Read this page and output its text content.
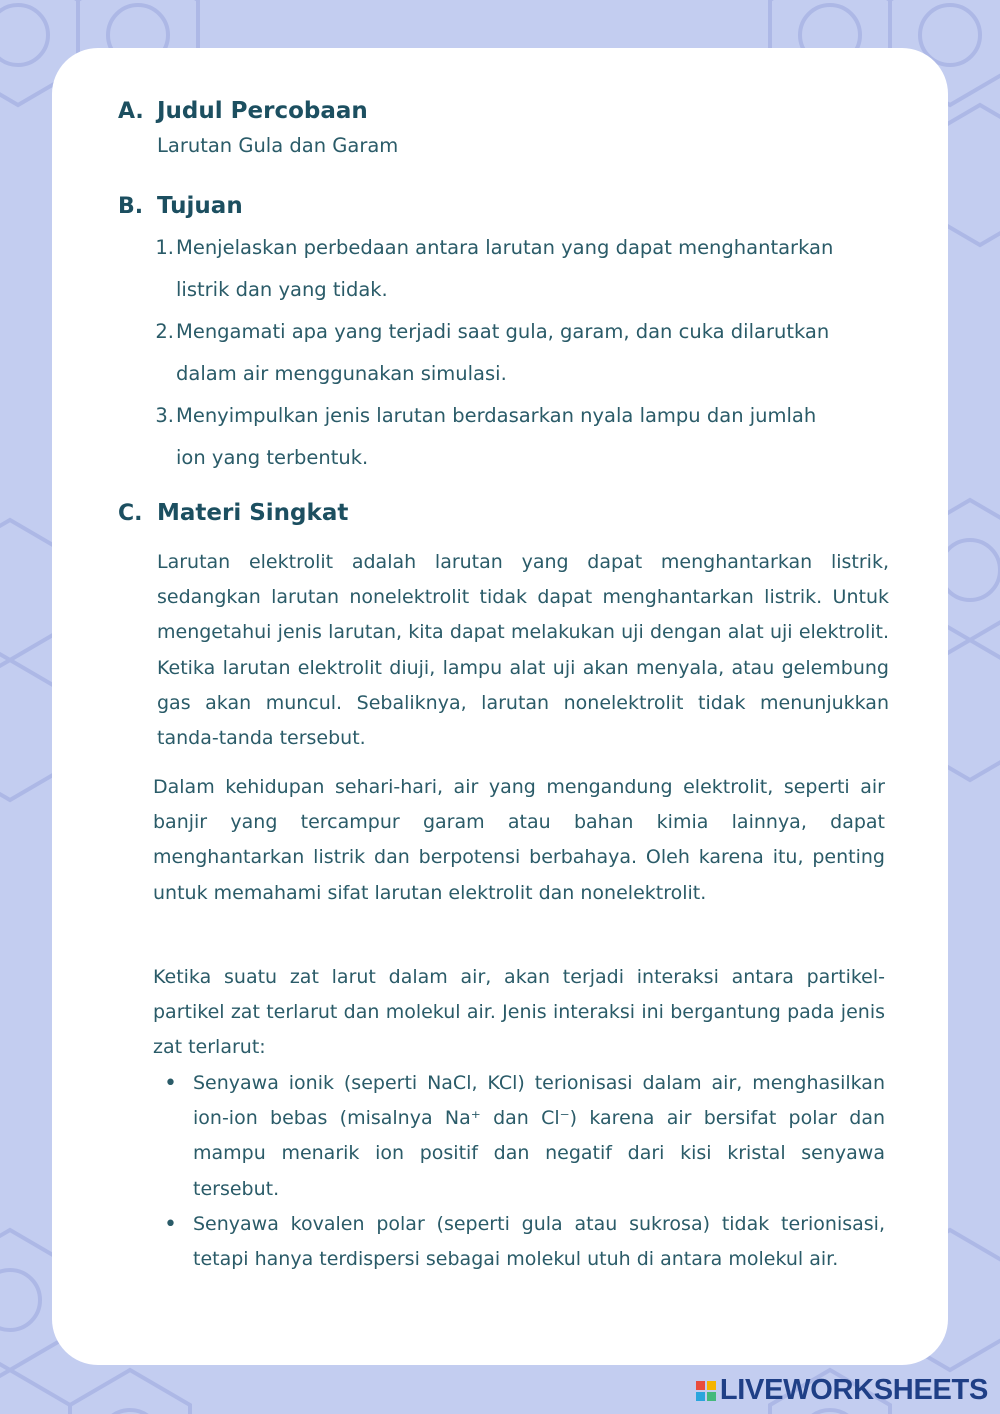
A. Judul Percobaan
Larutan Gula dan Garam
B. Tujuan
1. Menjelaskan perbedaan antara larutan yang dapat menghantarkan listrik dan yang tidak.
2. Mengamati apa yang terjadi saat gula, garam, dan cuka dilarutkan dalam air menggunakan simulasi.
3. Menyimpulkan jenis larutan berdasarkan nyala lampu dan jumlah ion yang terbentuk.
C. Materi Singkat

Larutan elektrolit adalah larutan yang dapat menghantarkan listrik, sedangkan larutan nonelektrolit tidak dapat menghantarkan listrik. Untuk mengetahui jenis larutan, kita dapat melakukan uji dengan alat uji elektrolit. Ketika larutan elektrolit diuji, lampu alat uji akan menyala, atau gelembung gas akan muncul. Sebaliknya, larutan nonelektrolit tidak menunjukkan tanda-tanda tersebut.

Dalam kehidupan sehari-hari, air yang mengandung elektrolit, seperti air banjir yang tercampur garam atau bahan kimia lainnya, dapat menghantarkan listrik dan berpotensi berbahaya. Oleh karena itu, penting untuk memahami sifat larutan elektrolit dan nonelektrolit.

Ketika suatu zat larut dalam air, akan terjadi interaksi antara partikel-partikel zat terlarut dan molekul air. Jenis interaksi ini bergantung pada jenis zat terlarut:

• Senyawa ionik (seperti NaCl, KCl) terionisasi dalam air, menghasilkan ion-ion bebas (misalnya Na⁺ dan Cl⁻) karena air bersifat polar dan mampu menarik ion positif dan negatif dari kisi kristal senyawa tersebut.
• Senyawa kovalen polar (seperti gula atau sukrosa) tidak terionisasi, tetapi hanya terdispersi sebagai molekul utuh di antara molekul air.
LIVEWORKSHEETS
